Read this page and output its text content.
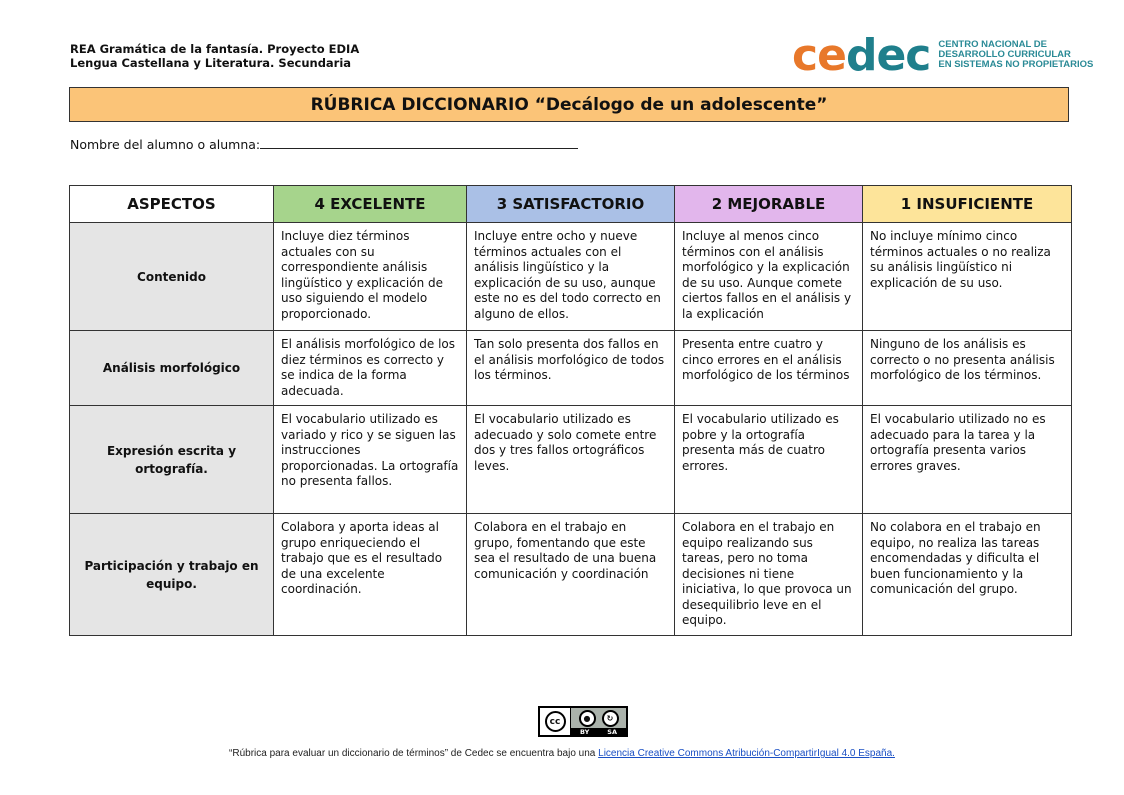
REA Gramática de la fantasía. Proyecto EDIA
Lengua Castellana y Literatura. Secundaria	cedec CENTRO NACIONAL DE
DESARROLLO CURRICULAR
EN SISTEMAS NO PROPIETARIOS
RÚBRICA DICCIONARIO “Decálogo de un adolescente”
Nombre del alumno o alumna:
ASPECTOS	4 EXCELENTE	3 SATISFACTORIO	2 MEJORABLE	1 INSUFICIENTE
Contenido	Incluye diez términos actuales con su correspondiente análisis lingüístico y explicación de uso siguiendo el modelo proporcionado.	Incluye entre ocho y nueve términos actuales con el análisis lingüístico y la explicación de su uso, aunque este no es del todo correcto en alguno de ellos.	Incluye al menos cinco términos con el análisis morfológico y la explicación de su uso. Aunque comete ciertos fallos en el análisis y la explicación	No incluye mínimo cinco términos actuales o no realiza su análisis lingüístico ni explicación de su uso.
Análisis morfológico	El análisis morfológico de los diez términos es correcto y se indica de la forma adecuada.	Tan solo presenta dos fallos en el análisis morfológico de todos los términos.	Presenta entre cuatro y cinco errores en el análisis morfológico de los términos	Ninguno de los análisis es correcto o no presenta análisis morfológico de los términos.
Expresión escrita y ortografía.	El vocabulario utilizado es variado y rico y se siguen las instrucciones proporcionadas. La ortografía no presenta fallos.	El vocabulario utilizado es adecuado y solo comete entre dos y tres fallos ortográficos leves.	El vocabulario utilizado es pobre y la ortografía presenta más de cuatro errores.	El vocabulario utilizado no es adecuado para la tarea y la ortografía presenta varios errores graves.
Participación y trabajo en equipo.	Colabora y aporta ideas al grupo enriqueciendo el trabajo que es el resultado de una excelente coordinación.	Colabora en el trabajo en grupo, fomentando que este sea el resultado de una buena comunicación y coordinación	Colabora en el trabajo en equipo realizando sus tareas, pero no toma decisiones ni tiene iniciativa, lo que provoca un desequilibrio leve en el equipo.	No colabora en el trabajo en equipo, no realiza las tareas encomendadas y dificulta el buen funcionamiento y la comunicación del grupo.
cc	●	↻
BY	SA
“Rúbrica para evaluar un diccionario de términos” de Cedec se encuentra bajo una Licencia Creative Commons Atribución-CompartirIgual 4.0 España.
